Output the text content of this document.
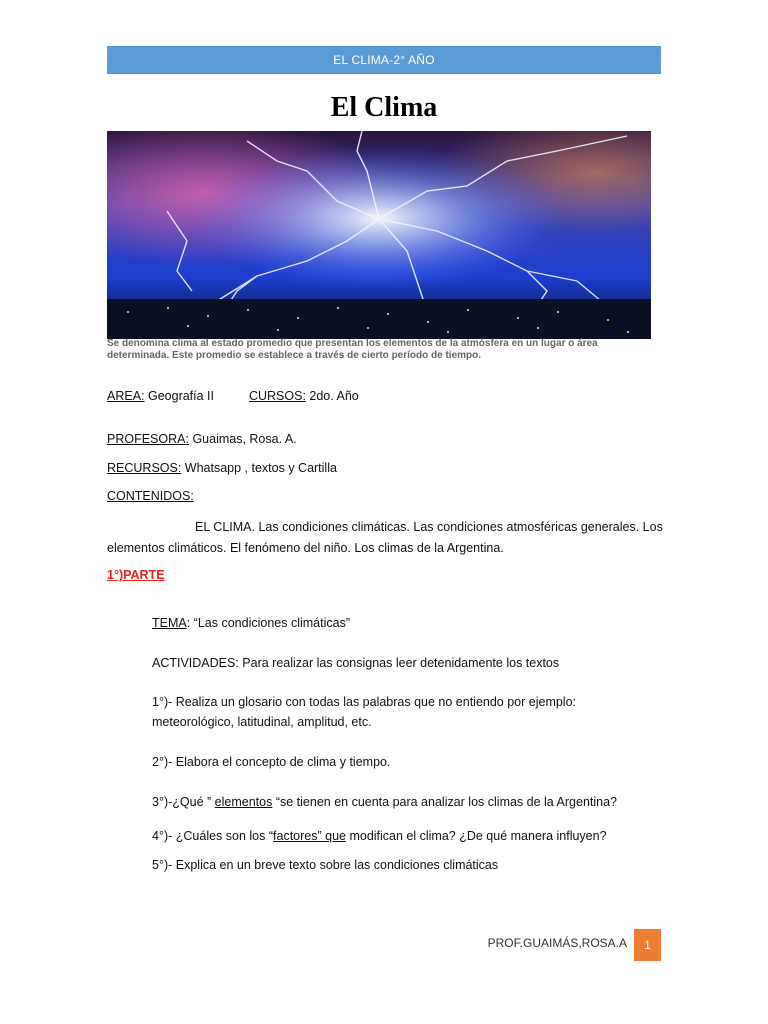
EL CLIMA-2° AÑO
El Clima
Se denomina clima al estado promedio que presentan los elementos de la atmósfera en un lugar o área
determinada. Este promedio se establece a través de cierto período de tiempo.
AREA: Geografía II	CURSOS: 2do. Año
PROFESORA: Guaimas, Rosa. A.
RECURSOS: Whatsapp , textos y Cartilla
CONTENIDOS:
EL CLIMA. Las condiciones climáticas. Las condiciones atmosféricas generales. Los
elementos climáticos. El fenómeno del niño. Los climas de la Argentina.
1°)PARTE
TEMA: “Las condiciones climáticas”
ACTIVIDADES: Para realizar las consignas leer detenidamente los textos
1°)- Realiza un glosario con todas las palabras que no entiendo por ejemplo:
meteorológico, latitudinal, amplitud, etc.
2°)- Elabora el concepto de clima y tiempo.
3°)-¿Qué ” elementos “se tienen en cuenta para analizar los climas de la Argentina?
4°)- ¿Cuáles son los “factores” que modifican el clima? ¿De qué manera influyen?
5°)- Explica en un breve texto sobre las condiciones climáticas
PROF.GUAIMÁS,ROSA.A 1
